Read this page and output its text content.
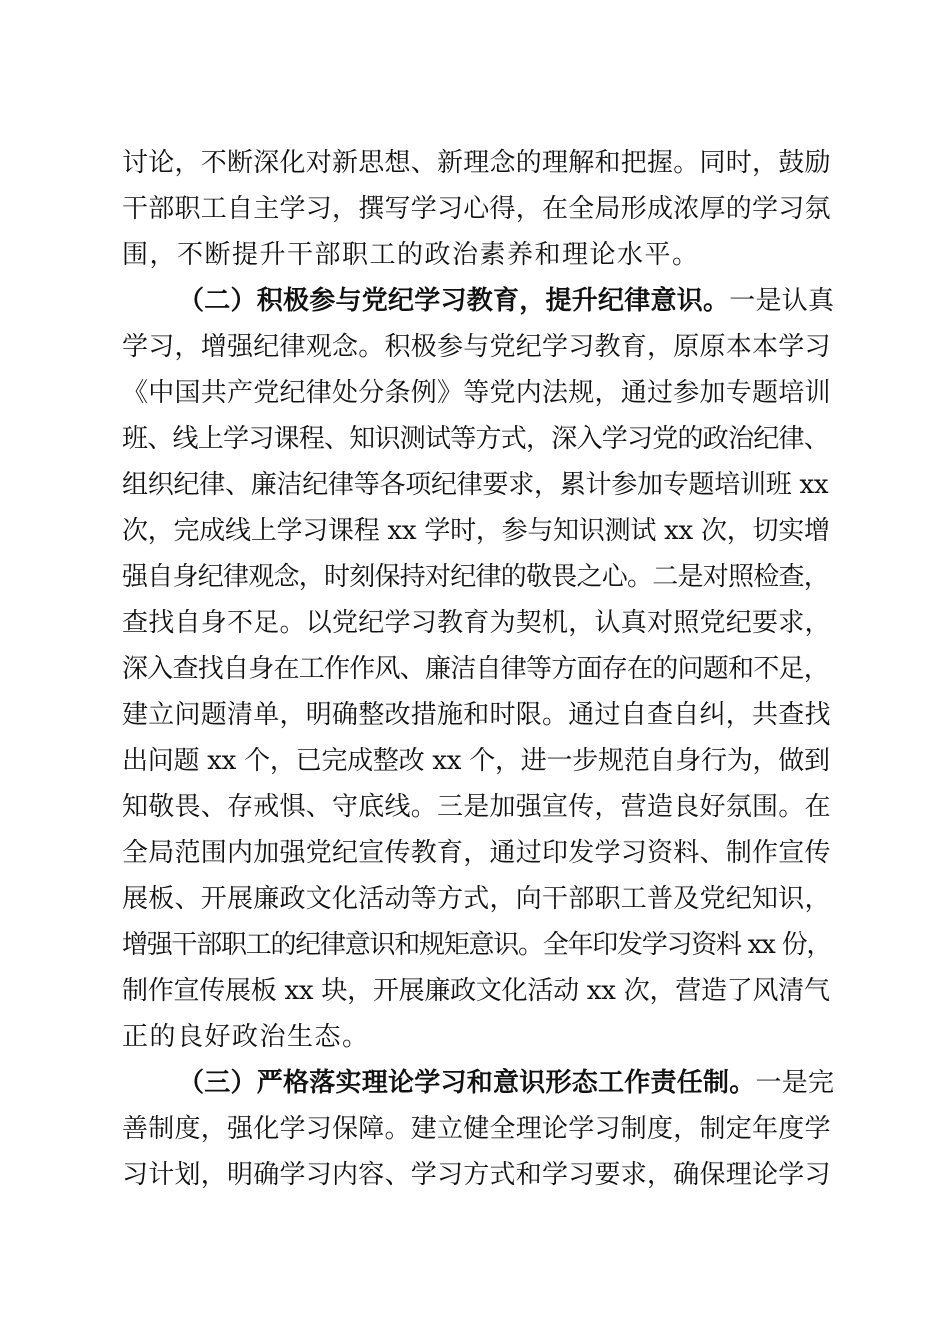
讨论，不断深化对新思想、新理念的理解和把握。同时，鼓励
干部职工自主学习，撰写学习心得，在全局形成浓厚的学习氛
围，不断提升干部职工的政治素养和理论水平。
（二）积极参与党纪学习教育，提升纪律意识。一是认真
学习，增强纪律观念。积极参与党纪学习教育，原原本本学习
《中国共产党纪律处分条例》等党内法规，通过参加专题培训
班、线上学习课程、知识测试等方式，深入学习党的政治纪律、
组织纪律、廉洁纪律等各项纪律要求，累计参加专题培训班 xx
次，完成线上学习课程 xx 学时，参与知识测试 xx 次，切实增
强自身纪律观念，时刻保持对纪律的敬畏之心。二是对照检查，
查找自身不足。以党纪学习教育为契机，认真对照党纪要求，
深入查找自身在工作作风、廉洁自律等方面存在的问题和不足，
建立问题清单，明确整改措施和时限。通过自查自纠，共查找
出问题 xx 个，已完成整改 xx 个，进一步规范自身行为，做到
知敬畏、存戒惧、守底线。三是加强宣传，营造良好氛围。在
全局范围内加强党纪宣传教育，通过印发学习资料、制作宣传
展板、开展廉政文化活动等方式，向干部职工普及党纪知识，
增强干部职工的纪律意识和规矩意识。全年印发学习资料 xx 份，
制作宣传展板 xx 块，开展廉政文化活动 xx 次，营造了风清气
正的良好政治生态。
（三）严格落实理论学习和意识形态工作责任制。一是完
善制度，强化学习保障。建立健全理论学习制度，制定年度学
习计划，明确学习内容、学习方式和学习要求，确保理论学习
